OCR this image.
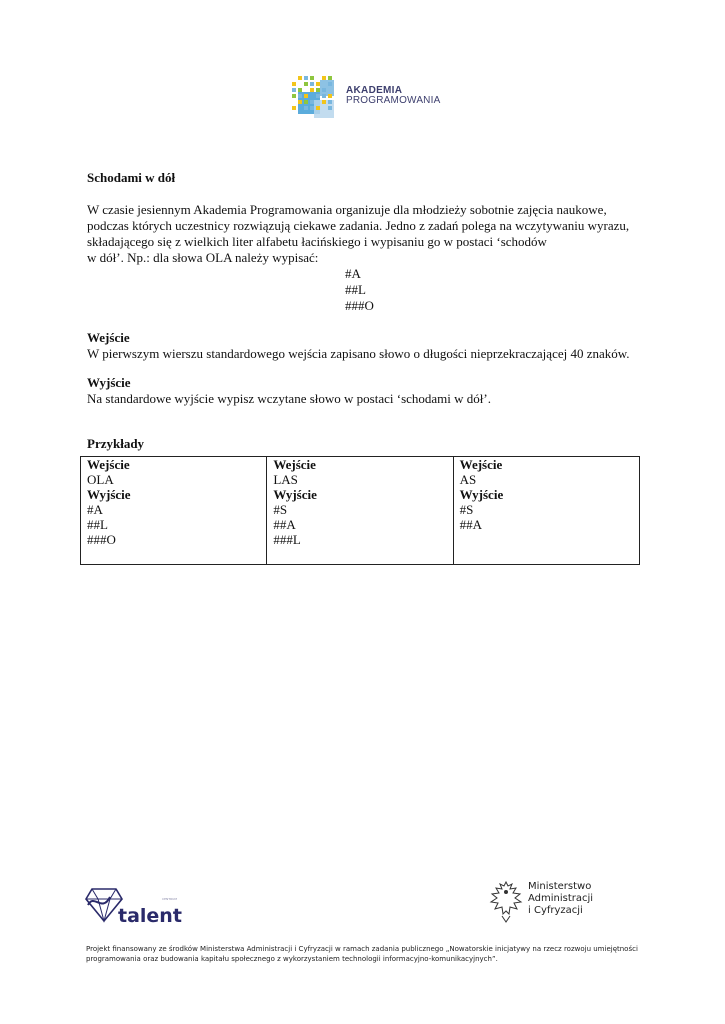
AKADEMIA
PROGRAMOWANIA

Schodami w dół

W czasie jesiennym Akademia Programowania organizuje dla młodzieży sobotnie zajęcia naukowe,
podczas których uczestnicy rozwiązują ciekawe zadania. Jedno z zadań polega na wczytywaniu wyrazu,
składającego się z wielkich liter alfabetu łacińskiego i wypisaniu go w postaci ‘schodów
w dół’. Np.: dla słowa OLA należy wypisać:
#A
##L
###O

Wejście

W pierwszym wierszu standardowego wejścia zapisano słowo o długości nieprzekraczającej 40 znaków.

Wyjście

Na standardowe wyjście wypisz wczytane słowo w postaci ‘schodami w dół’.

Przykłady

Wejście
OLA
Wyjście
#A
##L
###O

Wejście
LAS
Wyjście
#S
##A
###L

Wejście
AS
Wyjście
#S
##A
CENTRUM
talent
Ministerstwo
Administracji
i Cyfryzacji
Projekt finansowany ze środków Ministerstwa Administracji i Cyfryzacji w ramach zadania publicznego „Nowatorskie inicjatywy na rzecz rozwoju umiejętności
programowania oraz budowania kapitału społecznego z wykorzystaniem technologii informacyjno-komunikacyjnych”.
